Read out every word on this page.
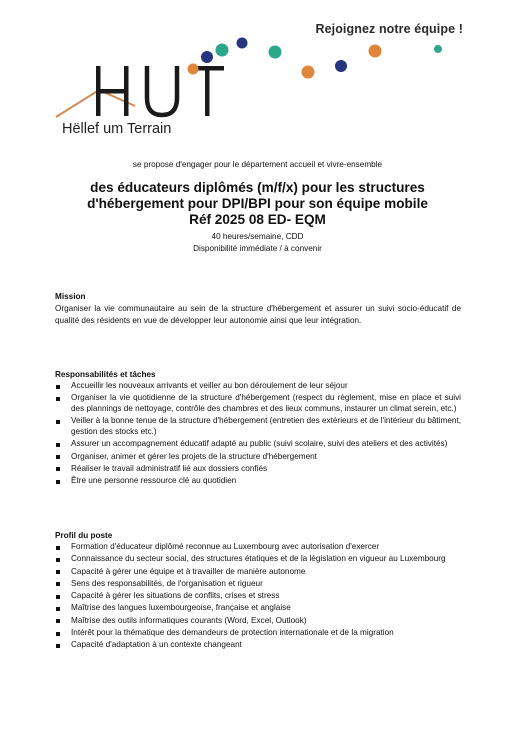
Rejoignez notre équipe !
Hëllef um Terrain
se propose d'engager pour le département accueil et vivre-ensemble
des éducateurs diplômés (m/f/x) pour les structures
d'hébergement pour DPI/BPI pour son équipe mobile
Réf 2025 08 ED- EQM
40 heures/semaine, CDD
Disponibilité immédiate / à convenir
Mission

Organiser la vie communautaire au sein de la structure d'hébergement et assurer un suivi socio-éducatif de qualité des résidents en vue de développer leur autonomie ainsi que leur intégration.

Responsabilités et tâches
Accueillir les nouveaux arrivants et veiller au bon déroulement de leur séjour
Organiser la vie quotidienne de la structure d'hébergement (respect du règlement, mise en place et suivi des plannings de nettoyage, contrôle des chambres et des lieux communs, instaurer un climat serein, etc.)
Veiller à la bonne tenue de la structure d'hébergement (entretien des extérieurs et de l'intérieur du bâtiment, gestion des stocks etc.)
Assurer un accompagnement éducatif adapté au public (suivi scolaire, suivi des ateliers et des activités)
Organiser, animer et gérer les projets de la structure d'hébergement
Réaliser le travail administratif lié aux dossiers confiés
Être une personne ressource clé au quotidien
Profil du poste
Formation d'éducateur diplômé reconnue au Luxembourg avec autorisation d'exercer
Connaissance du secteur social, des structures étatiques et de la législation en vigueur au Luxembourg
Capacité à gérer une équipe et à travailler de manière autonome
Sens des responsabilités, de l'organisation et rigueur
Capacité à gérer les situations de conflits, crises et stress
Maîtrise des langues luxembourgeoise, française et anglaise
Maîtrise des outils informatiques courants (Word, Excel, Outlook)
Intérêt pour la thématique des demandeurs de protection internationale et de la migration
Capacité d'adaptation à un contexte changeant
